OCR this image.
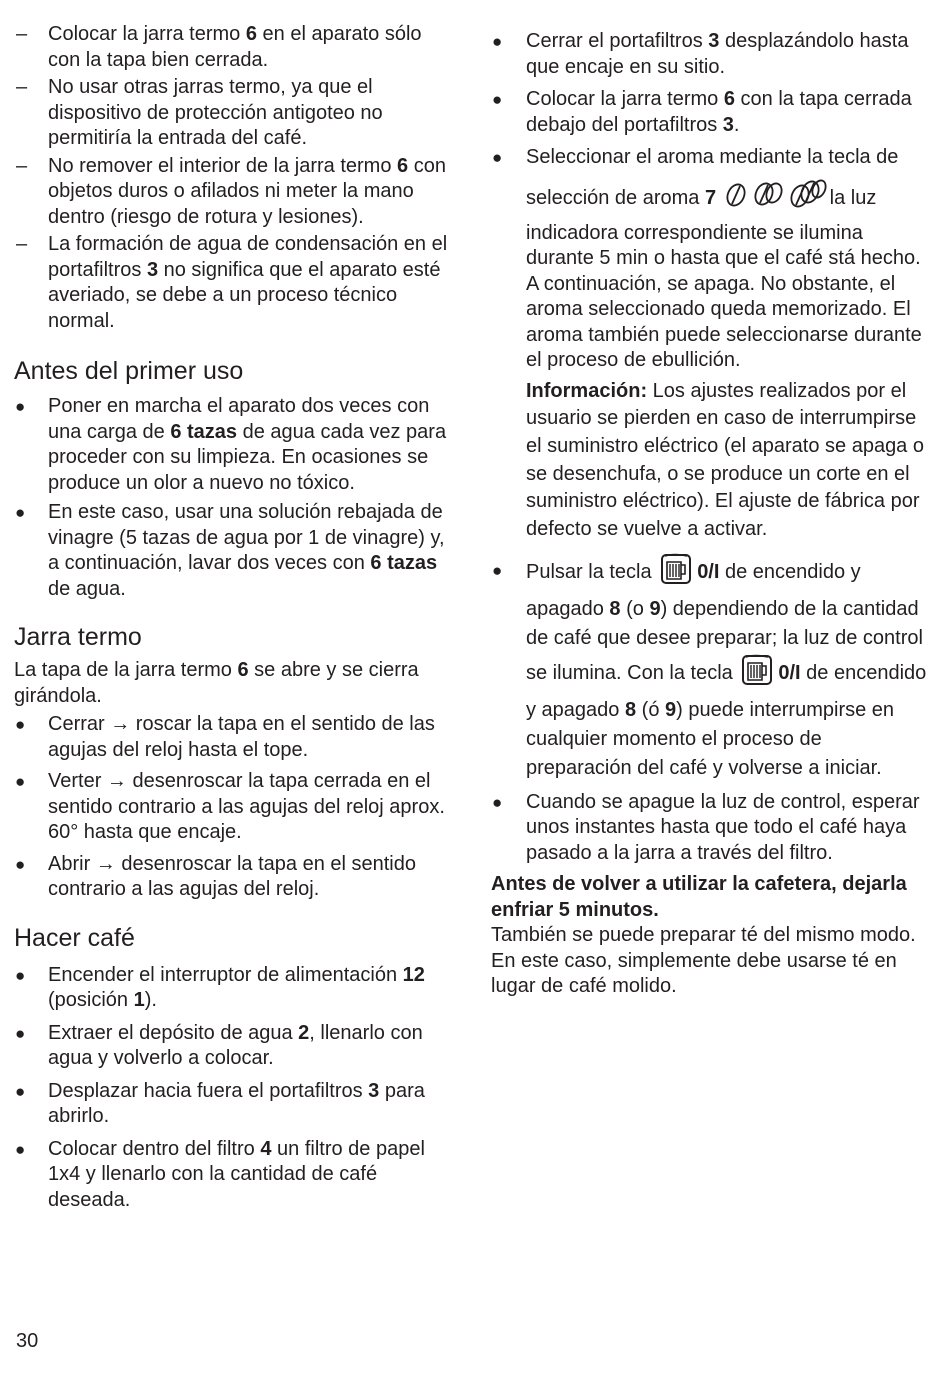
– Colocar la jarra termo 6 en el aparato sólo con la tapa bien cerrada.
– No usar otras jarras termo, ya que el dispositivo de protección antigoteo no permitiría la entrada del café.
– No remover el interior de la jarra termo 6 con objetos duros o afilados ni meter la mano dentro (riesgo de rotura y lesiones).
– La formación de agua de condensación en el portafiltros 3 no significa que el aparato esté averiado, se debe a un proceso técnico normal.
Antes del primer uso
● Poner en marcha el aparato dos veces con una carga de 6 tazas de agua cada vez para proceder con su limpieza. En ocasiones se produce un olor a nuevo no tóxico.
● En este caso, usar una solución rebajada de vinagre (5 tazas de agua por 1 de vinagre) y, a continuación, lavar dos veces con 6 tazas de agua.
Jarra termo

La tapa de la jarra termo 6 se abre y se cierra girándola.

● Cerrar → roscar la tapa en el sentido de las agujas del reloj hasta el tope.
● Verter → desenroscar la tapa cerrada en el sentido contrario a las agujas del reloj aprox. 60° hasta que encaje.
● Abrir → desenroscar la tapa en el sentido contrario a las agujas del reloj.
Hacer café
● Encender el interruptor de alimentación 12 (posición 1).
● Extraer el depósito de agua 2, llenarlo con agua y volverlo a colocar.
● Desplazar hacia fuera el portafiltros 3 para abrirlo.
● Colocar dentro del filtro 4 un filtro de papel 1x4 y llenarlo con la cantidad de café deseada.
● Cerrar el portafiltros 3 desplazándolo hasta que encaje en su sitio.
● Colocar la jarra termo 6 con la tapa cerrada debajo del portafiltros 3.
● Seleccionar el aroma mediante la tecla de
selección de aroma 7	la luz
indicadora correspondiente se ilumina durante 5 min o hasta que el café stá hecho. A continuación, se apaga. No obstante, el aroma seleccionado queda memorizado. El aroma también puede seleccionarse durante el proceso de ebullición.
Información: Los ajustes realizados por el usuario se pierden en caso de interrumpirse el suministro eléctrico (el aparato se apaga o se desenchufa, o se produce un corte en el suministro eléctrico). El ajuste de fábrica por defecto se vuelve a activar.
● Pulsar la tecla 0/I de encendido y apagado 8 (o 9) dependiendo de la cantidad de café que desee preparar; la luz de control se ilumina. Con la tecla 0/I de encendido y apagado 8 (ó 9) puede interrumpirse en cualquier momento el proceso de preparación del café y volverse a iniciar.
● Cuando se apague la luz de control, esperar unos instantes hasta que todo el café haya pasado a la jarra a través del filtro.

Antes de volver a utilizar la cafetera, dejarla enfriar 5 minutos.

También se puede preparar té del mismo modo. En este caso, simplemente debe usarse té en lugar de café molido.

30
